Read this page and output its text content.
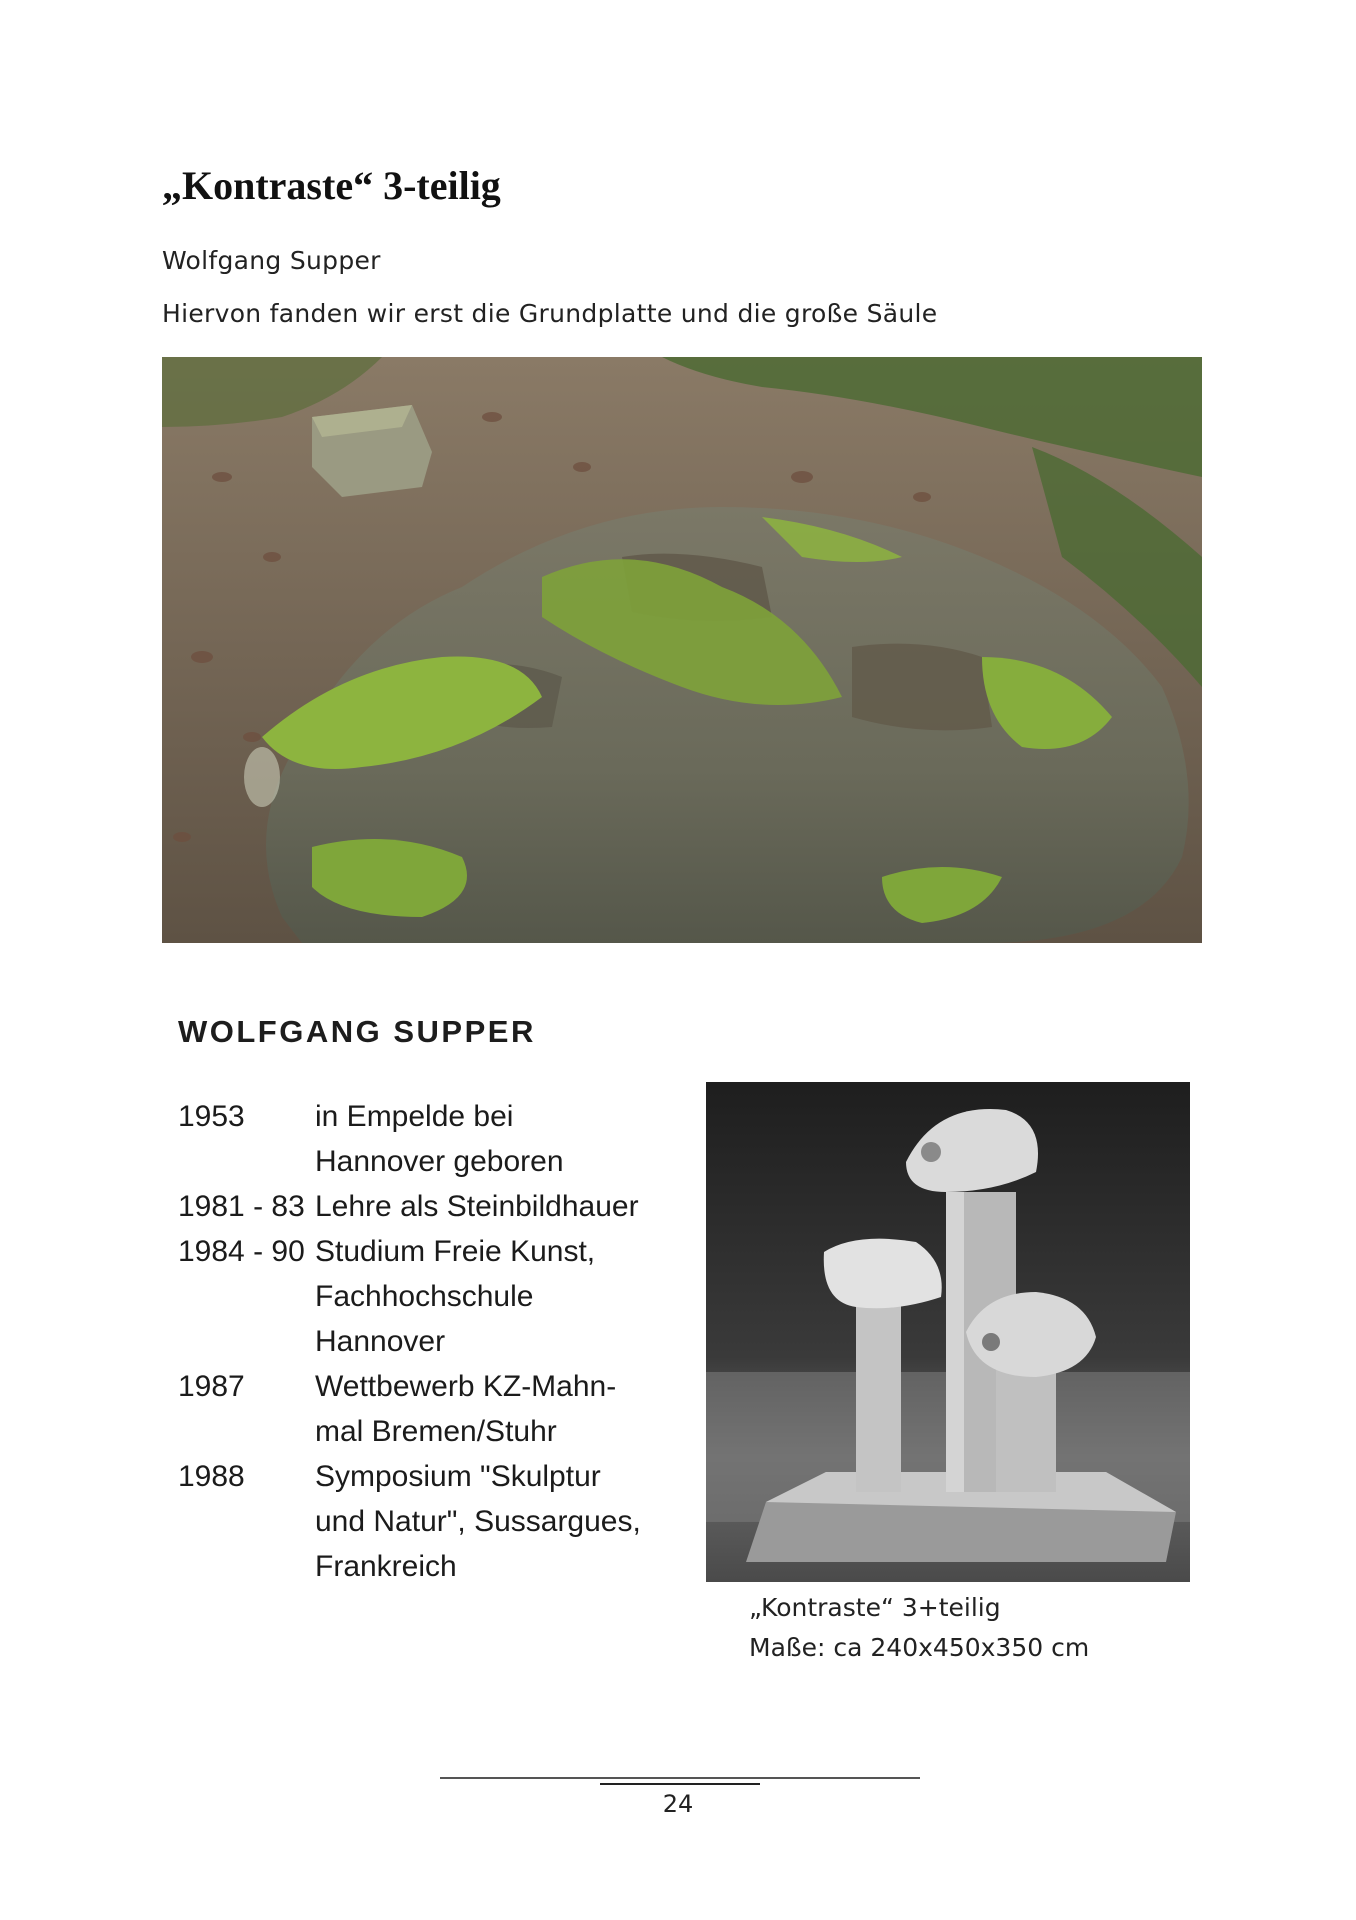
„Kontraste“ 3-teilig
Wolfgang Supper
Hiervon fanden wir erst die Grundplatte und die große Säule
WOLFGANG SUPPER
1953 in Empelde bei
Hannover geboren
1981 - 83 Lehre als Steinbildhauer
1984 - 90 Studium Freie Kunst,
Fachhochschule
Hannover
1987 Wettbewerb KZ-Mahn-
mal Bremen/Stuhr
1988 Symposium "Skulptur
und Natur", Sussargues,
Frankreich
„Kontraste“ 3+teilig
Maße: ca 240x450x350 cm
24
